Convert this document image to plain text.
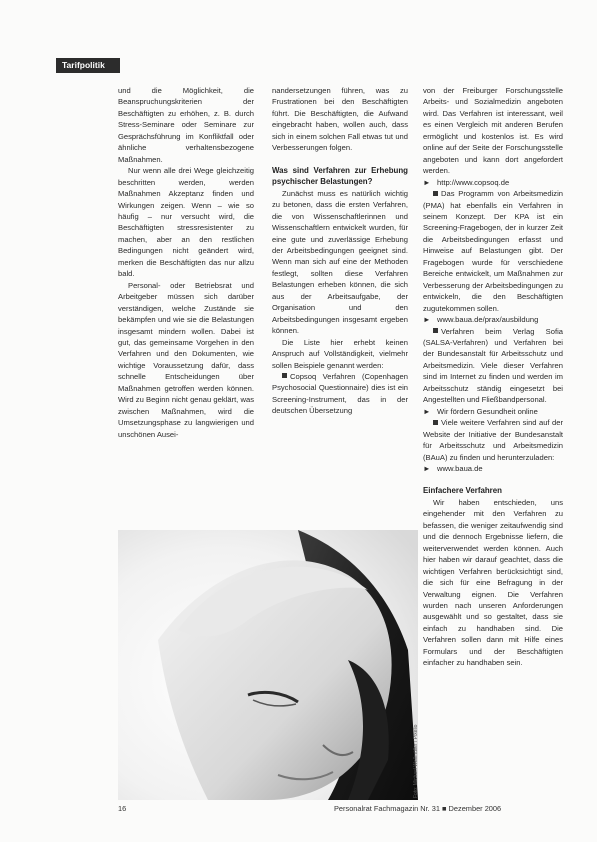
Tarifpolitik

und die Möglichkeit, die Beanspruchungskriterien der Beschäftigten zu erhöhen, z. B. durch Stress-Seminare oder Seminare zur Gesprächsführung im Konfliktfall oder ähnliche verhaltensbezogene Maßnahmen.

Nur wenn alle drei Wege gleichzeitig beschritten werden, werden Maßnahmen Akzeptanz finden und Wirkungen zeigen. Wenn – wie so häufig – nur versucht wird, die Beschäftigten stressresistenter zu machen, aber an den restlichen Bedingungen nicht geändert wird, merken die Beschäftigten das nur allzu bald.

Personal- oder Betriebsrat und Arbeitgeber müssen sich darüber verständigen, welche Zustände sie bekämpfen und wie sie die Belastungen insgesamt mindern wollen. Dabei ist gut, das gemeinsame Vorgehen in den Verfahren und den Dokumenten, wie wichtige Voraussetzung dafür, dass schnelle Entscheidungen über Maßnahmen getroffen werden können. Wird zu Beginn nicht genau geklärt, was zwischen Maßnahmen, wird die Umsetzungsphase zu langwierigen und unschönen Ausei-

nandersetzungen führen, was zu Frustrationen bei den Beschäftigten führt. Die Beschäftigten, die Aufwand eingebracht haben, wollen auch, dass sich in einem solchen Fall etwas tut und Verbesserungen folgen.

Was sind Verfahren zur Erhebung psychischer Belastungen?

Zunächst muss es natürlich wichtig zu betonen, dass die ersten Verfahren, die von Wissenschaftlerinnen und Wissenschaftlern entwickelt wurden, für eine gute und zuverlässige Erhebung der Arbeitsbedingungen geeignet sind. Wenn man sich auf eine der Methoden festlegt, sollten diese Verfahren Belastungen erheben können, die sich aus der Arbeitsaufgabe, der Organisation und den Arbeitsbedingungen insgesamt ergeben können.

Die Liste hier erhebt keinen Anspruch auf Vollständigkeit, vielmehr sollen Beispiele genannt werden:

Copsoq Verfahren (Copenhagen Psychosocial Questionnaire) dies ist ein Screening-Instrument, das in der deutschen Übersetzung

von der Freiburger Forschungsstelle Arbeits- und Sozialmedizin angeboten wird. Das Verfahren ist interessant, weil es einen Vergleich mit anderen Berufen ermöglicht und kostenlos ist. Es wird online auf der Seite der Forschungsstelle angeboten und kann dort angefordert werden.

► http://www.copsoq.de

Das Programm von Arbeitsmedizin (PMA) hat ebenfalls ein Verfahren in seinem Konzept. Der KPA ist ein Screening-Fragebogen, der in kurzer Zeit die Arbeitsbedingungen erfasst und Hinweise auf Belastungen gibt. Der Fragebogen wurde für verschiedene Bereiche entwickelt, um Maßnahmen zur Verbesserung der Arbeitsbedingungen zu entwickeln, die den Beschäftigten zugutekommen sollen.

► www.baua.de/prax/ausbildung

Verfahren beim Verlag Sofia (SALSA-Verfahren) und Verfahren bei der Bundesanstalt für Arbeitsschutz und Arbeitsmedizin. Viele dieser Verfahren sind im Internet zu finden und werden im Arbeitsschutz ständig eingesetzt bei Angestellten und Fließbandpersonal.

► Wir fördern Gesundheit online

Viele weitere Verfahren sind auf der Website der Initiative der Bundesanstalt für Arbeitsschutz und Arbeitsmedizin (BAuA) zu finden und herunterzuladen:

► www.baua.de
Einfachere Verfahren

Wir haben entschieden, uns eingehender mit den Verfahren zu befassen, die weniger zeitaufwendig sind und die dennoch Ergebnisse liefern, die weiterverwendet werden können. Auch hier haben wir darauf geachtet, dass die wichtigen Verfahren berücksichtigt sind, die sich für eine Befragung in der Verwaltung eignen. Die Verfahren wurden nach unseren Anforderungen ausgewählt und so gestaltet, dass sie einfach zu handhaben sind. Die Verfahren sollen dann mit Hilfe eines Formulars und der Beschäftigten einfacher zu handhaben sein.

Foto: Michael Wallmüller / Pixelio
16	Personalrat Fachmagazin Nr. 31 ■ Dezember 2006
